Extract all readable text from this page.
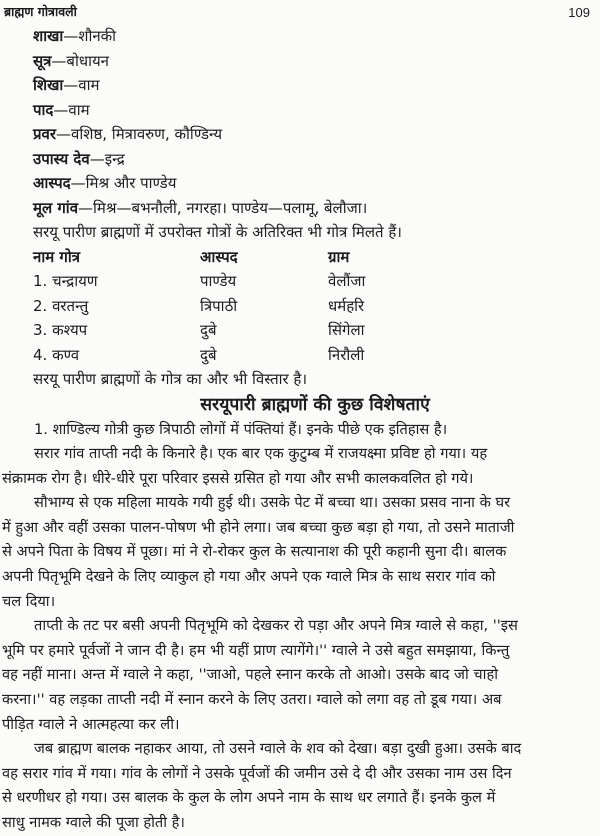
ब्राह्मण गोत्रावली	109
शाखा—शौनकी
सूत्र—बोधायन
शिखा—वाम
पाद—वाम
प्रवर—वशिष्ठ, मित्रावरुण, कौण्डिन्य
उपास्य देव—इन्द्र
आस्पद—मिश्र और पाण्डेय
मूल गांव—मिश्र—बभनौली, नगरहा। पाण्डेय—पलामू, बेलौजा।
सरयू पारीण ब्राह्मणों में उपरोक्त गोत्रों के अतिरिक्त भी गोत्र मिलते हैं।
नाम गोत्र	आस्पद	ग्राम
1. चन्द्रायण	पाण्डेय	वेलौंजा
2. वरतन्तु	त्रिपाठी	धर्महरि
3. कश्यप	दुबे	सिंगेला
4. कण्व	दुबे	निरौली
सरयू पारीण ब्राह्मणों के गोत्र का और भी विस्तार है।
सरयूपारी ब्राह्मणों की कुछ विशेषताएं
1. शाण्डिल्य गोत्री कुछ त्रिपाठी लोगों में पंक्तियां हैं। इनके पीछे एक इतिहास है।
सरार गांव ताप्ती नदी के किनारे है। एक बार एक कुटुम्ब में राजयक्ष्मा प्रविष्ट हो गया। यह
संक्रामक रोग है। धीरे-धीरे पूरा परिवार इससे ग्रसित हो गया और सभी कालकवलित हो गये।
सौभाग्य से एक महिला मायके गयी हुई थी। उसके पेट में बच्चा था। उसका प्रसव नाना के घर
में हुआ और वहीं उसका पालन-पोषण भी होने लगा। जब बच्चा कुछ बड़ा हो गया, तो उसने माताजी
से अपने पिता के विषय में पूछा। मां ने रो-रोकर कुल के सत्यानाश की पूरी कहानी सुना दी। बालक
अपनी पितृभूमि देखने के लिए व्याकुल हो गया और अपने एक ग्वाले मित्र के साथ सरार गांव को
चल दिया।
ताप्ती के तट पर बसी अपनी पितृभूमि को देखकर रो पड़ा और अपने मित्र ग्वाले से कहा, ''इस
भूमि पर हमारे पूर्वजों ने जान दी है। हम भी यहीं प्राण त्यागेंगे।'' ग्वाले ने उसे बहुत समझाया, किन्तु
वह नहीं माना। अन्त में ग्वाले ने कहा, ''जाओ, पहले स्नान करके तो आओ। उसके बाद जो चाहो
करना।'' वह लड़का ताप्ती नदी में स्नान करने के लिए उतरा। ग्वाले को लगा वह तो डूब गया। अब
पीड़ित ग्वाले ने आत्महत्या कर ली।
जब ब्राह्मण बालक नहाकर आया, तो उसने ग्वाले के शव को देखा। बड़ा दुखी हुआ। उसके बाद
वह सरार गांव में गया। गांव के लोगों ने उसके पूर्वजों की जमीन उसे दे दी और उसका नाम उस दिन
से धरणीधर हो गया। उस बालक के कुल के लोग अपने नाम के साथ धर लगाते हैं। इनके कुल में
साधु नामक ग्वाले की पूजा होती है।
